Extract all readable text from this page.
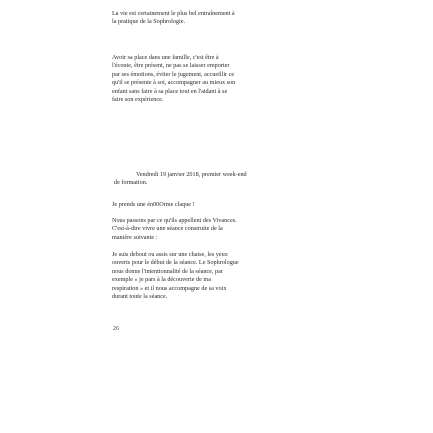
La vie est certainement le plus bel entraînement à

la pratique de la Sophrologie.

Avoir sa place dans une famille, c'est être à

l'écoute, être présent, ne pas se laisser emporter

par ses émotions, éviter le jugement, accueillir ce

qu'il se présente à soi, accompagner au mieux son

enfant sans faire à sa place tout en l'aidant à se

faire son expérience.

Vendredi 19 janvier 2018, premier week-end

de formation.

Je prends une én00Orme claque !

Nous passons par ce qu'ils appellent des Vivances.

C'est-à-dire vivre une séance construite de la

manière suivante :

Je suis debout ou assis sur une chaise, les yeux

ouverts pour le début de la séance. Le Sophrologue

nous donne l'intentionnalité de la séance, par

exemple « je pars à la découverte de ma

respiration » et il nous accompagne de sa voix

durant toute la séance.

26
